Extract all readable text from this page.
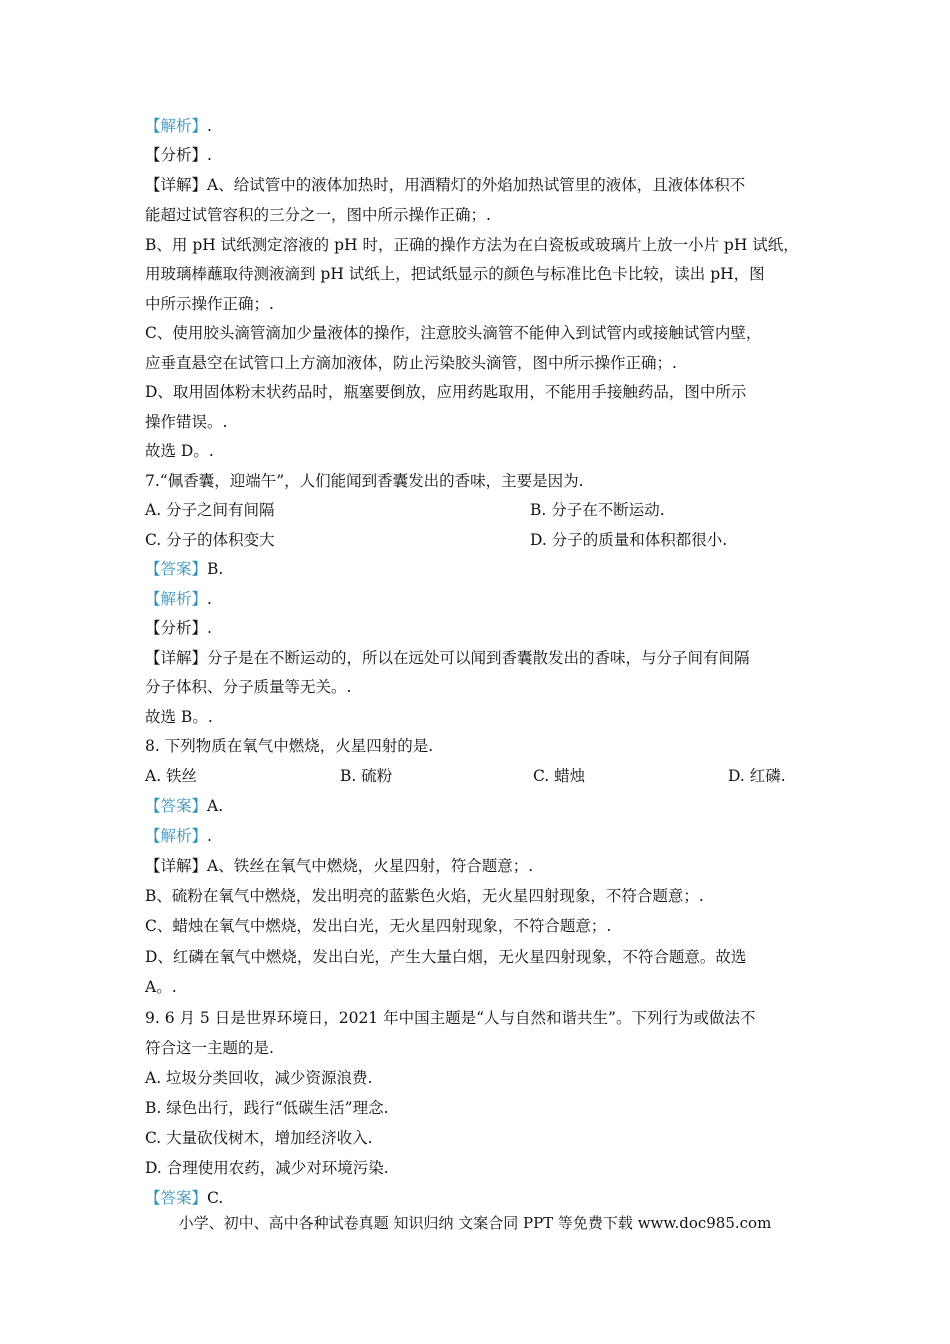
【解析】.
【分析】.
【详解】A、给试管中的液体加热时，用酒精灯的外焰加热试管里的液体，且液体体积不
能超过试管容积的三分之一，图中所示操作正确；.
B、用 pH 试纸测定溶液的 pH 时，正确的操作方法为在白瓷板或玻璃片上放一小片 pH 试纸，
用玻璃棒蘸取待测液滴到 pH 试纸上，把试纸显示的颜色与标准比色卡比较，读出 pH，图
中所示操作正确；.
C、使用胶头滴管滴加少量液体的操作，注意胶头滴管不能伸入到试管内或接触试管内壁，
应垂直悬空在试管口上方滴加液体，防止污染胶头滴管，图中所示操作正确；.
D、取用固体粉末状药品时，瓶塞要倒放，应用药匙取用，不能用手接触药品，图中所示
操作错误。.
故选 D。.
7.“佩香囊，迎端午”，人们能闻到香囊发出的香味，主要是因为.
A. 分子之间有间隔	B. 分子在不断运动.
C. 分子的体积变大	D. 分子的质量和体积都很小.
【答案】B.
【解析】.
【分析】.
【详解】分子是在不断运动的，所以在远处可以闻到香囊散发出的香味，与分子间有间隔
分子体积、分子质量等无关。.
故选 B。.
8. 下列物质在氧气中燃烧，火星四射的是.
A. 铁丝	B. 硫粉	C. 蜡烛	D. 红磷.
【答案】A.
【解析】.
【详解】A、铁丝在氧气中燃烧，火星四射，符合题意；.
B、硫粉在氧气中燃烧，发出明亮的蓝紫色火焰，无火星四射现象，不符合题意；.
C、蜡烛在氧气中燃烧，发出白光，无火星四射现象，不符合题意；.
D、红磷在氧气中燃烧，发出白光，产生大量白烟，无火星四射现象，不符合题意。故选
A。.
9. 6 月 5 日是世界环境日，2021 年中国主题是“人与自然和谐共生”。下列行为或做法不
符合这一主题的是.
A. 垃圾分类回收，减少资源浪费.
B. 绿色出行，践行“低碳生活”理念.
C. 大量砍伐树木，增加经济收入.
D. 合理使用农药，减少对环境污染.
【答案】C.
小学、初中、高中各种试卷真题 知识归纳 文案合同 PPT 等免费下载 www.doc985.com
